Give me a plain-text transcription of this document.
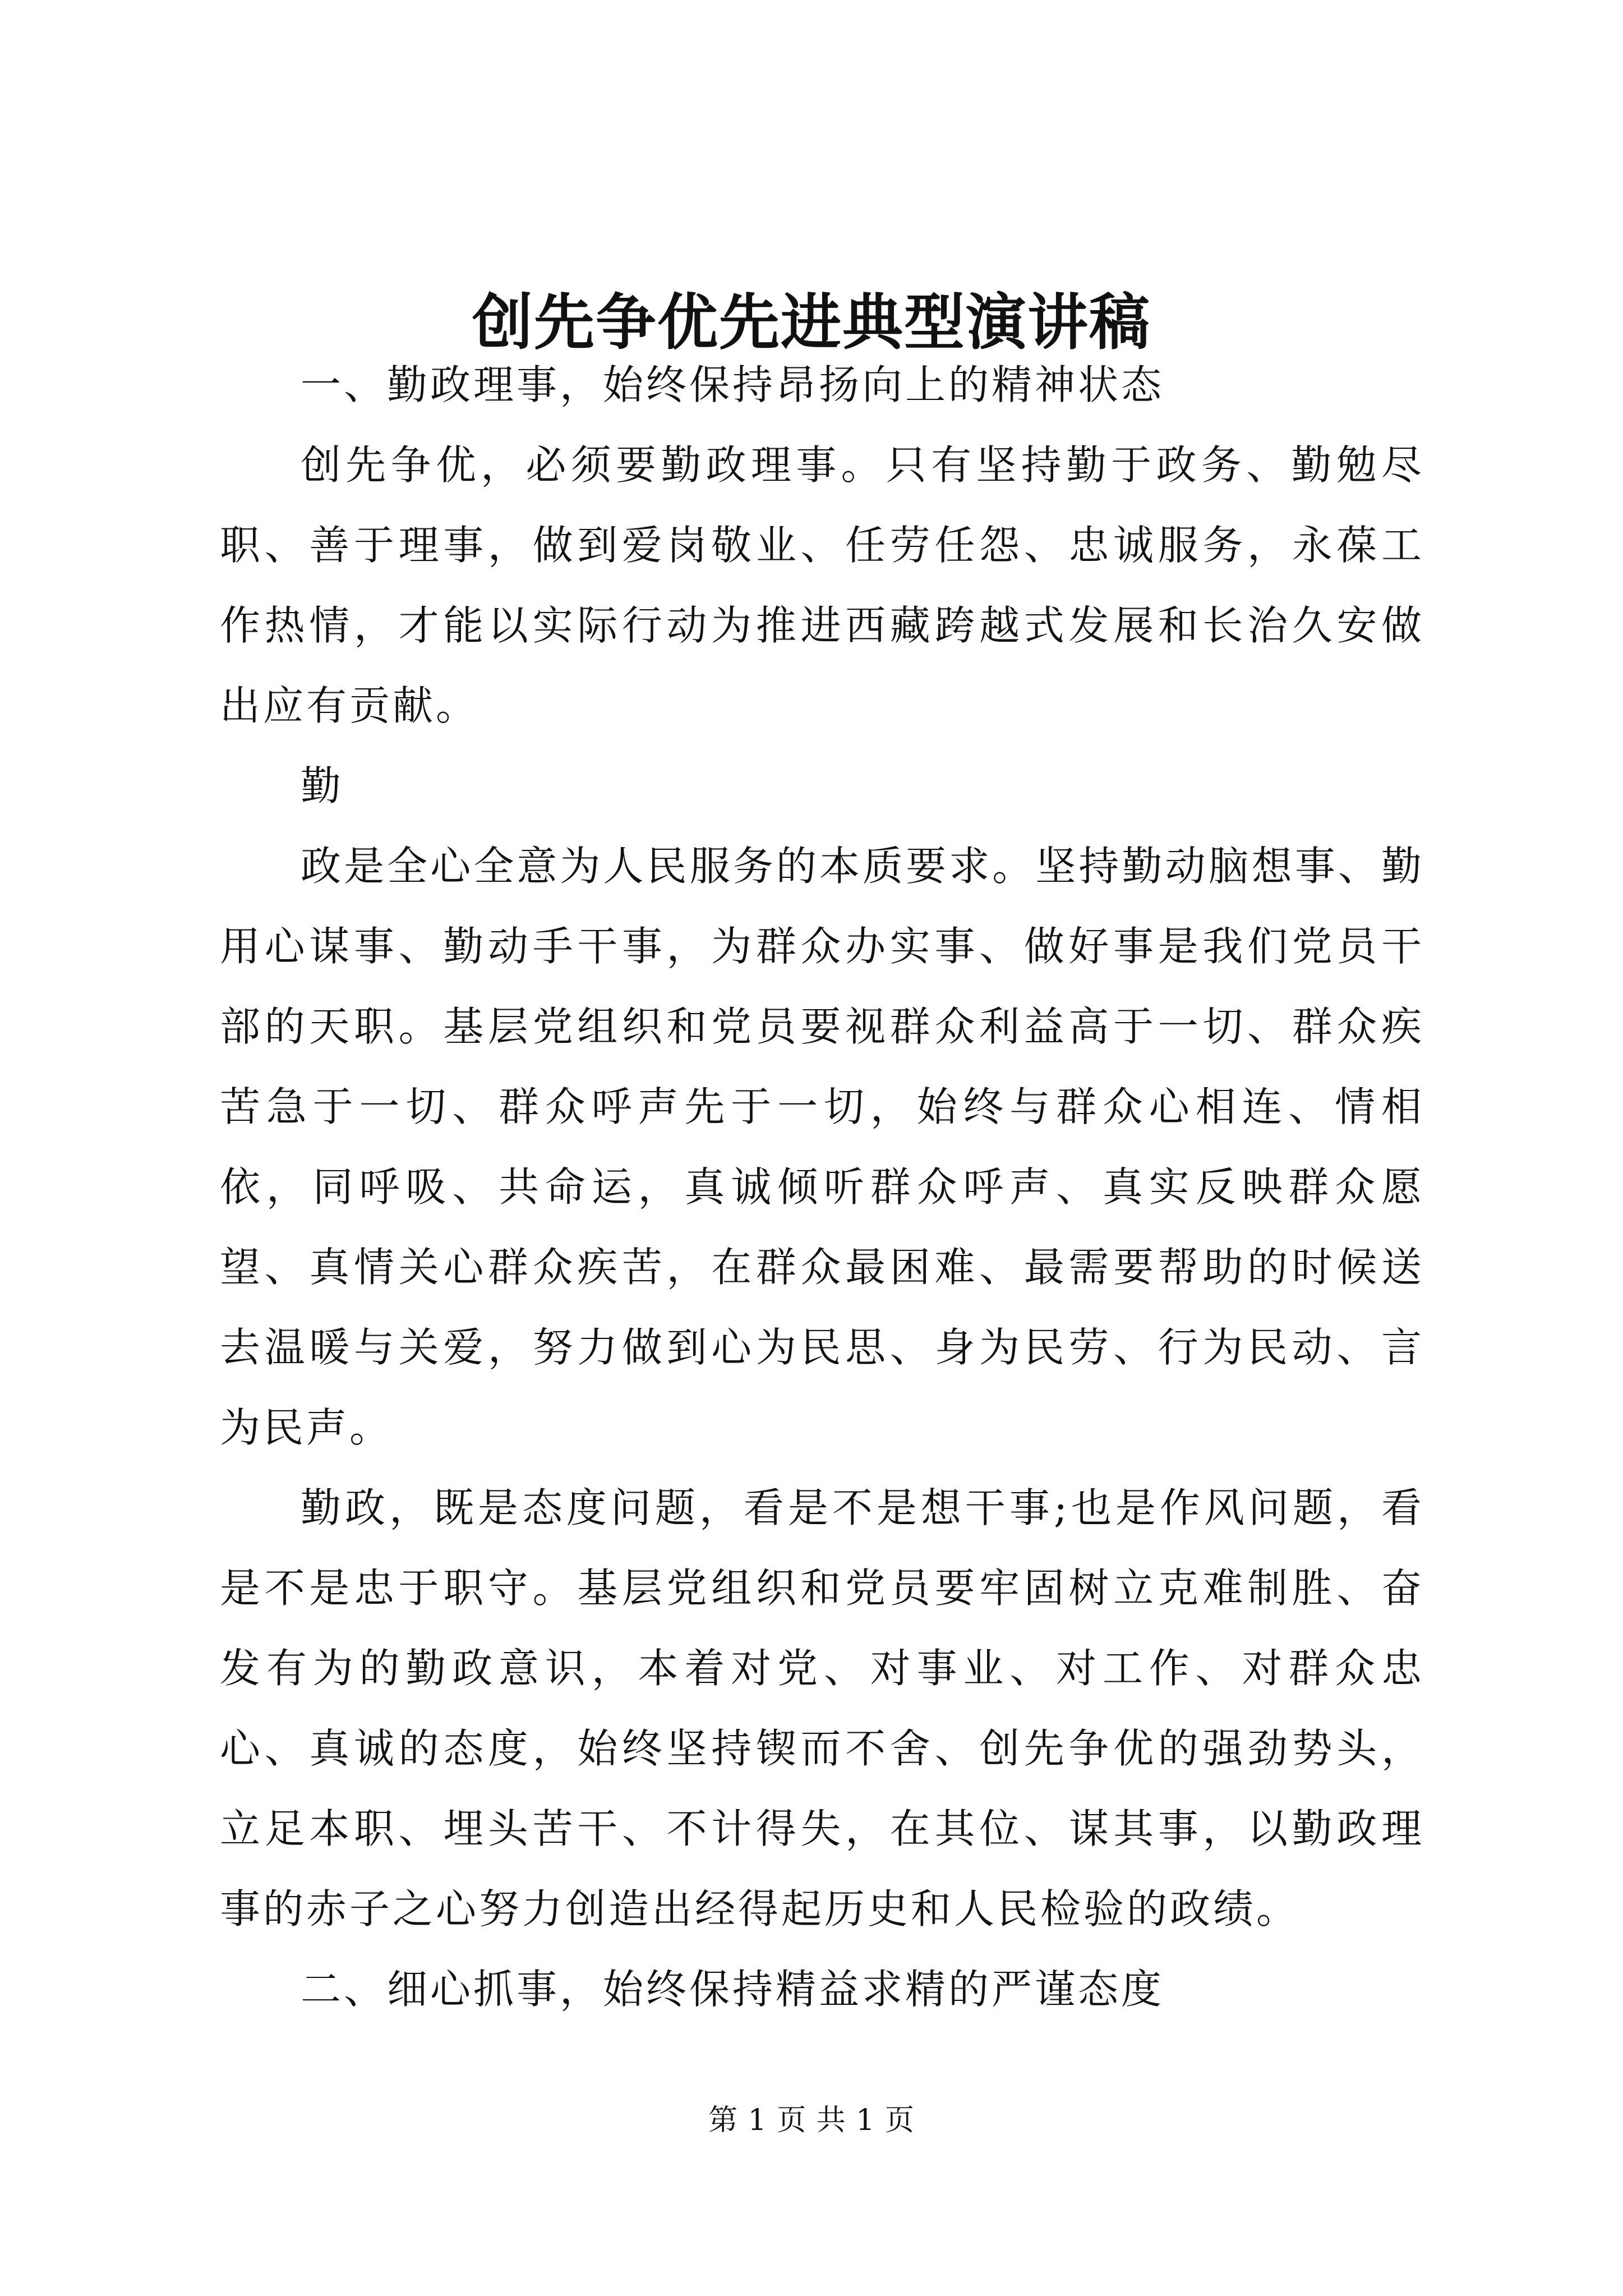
创先争优先进典型演讲稿

一、勤政理事，始终保持昂扬向上的精神状态

创先争优，必须要勤政理事。只有坚持勤于政务、勤勉尽职、善于理事，做到爱岗敬业、任劳任怨、忠诚服务，永葆工作热情，才能以实际行动为推进西藏跨越式发展和长治久安做出应有贡献。

勤

政是全心全意为人民服务的本质要求。坚持勤动脑想事、勤用心谋事、勤动手干事，为群众办实事、做好事是我们党员干部的天职。基层党组织和党员要视群众利益高于一切、群众疾苦急于一切、群众呼声先于一切，始终与群众心相连、情相依，同呼吸、共命运，真诚倾听群众呼声、真实反映群众愿望、真情关心群众疾苦，在群众最困难、最需要帮助的时候送去温暖与关爱，努力做到心为民思、身为民劳、行为民动、言为民声。

勤政，既是态度问题，看是不是想干事;也是作风问题，看是不是忠于职守。基层党组织和党员要牢固树立克难制胜、奋发有为的勤政意识，本着对党、对事业、对工作、对群众忠心、真诚的态度，始终坚持锲而不舍、创先争优的强劲势头，立足本职、埋头苦干、不计得失，在其位、谋其事，以勤政理事的赤子之心努力创造出经得起历史和人民检验的政绩。

二、细心抓事，始终保持精益求精的严谨态度

第 1 页 共 1 页
